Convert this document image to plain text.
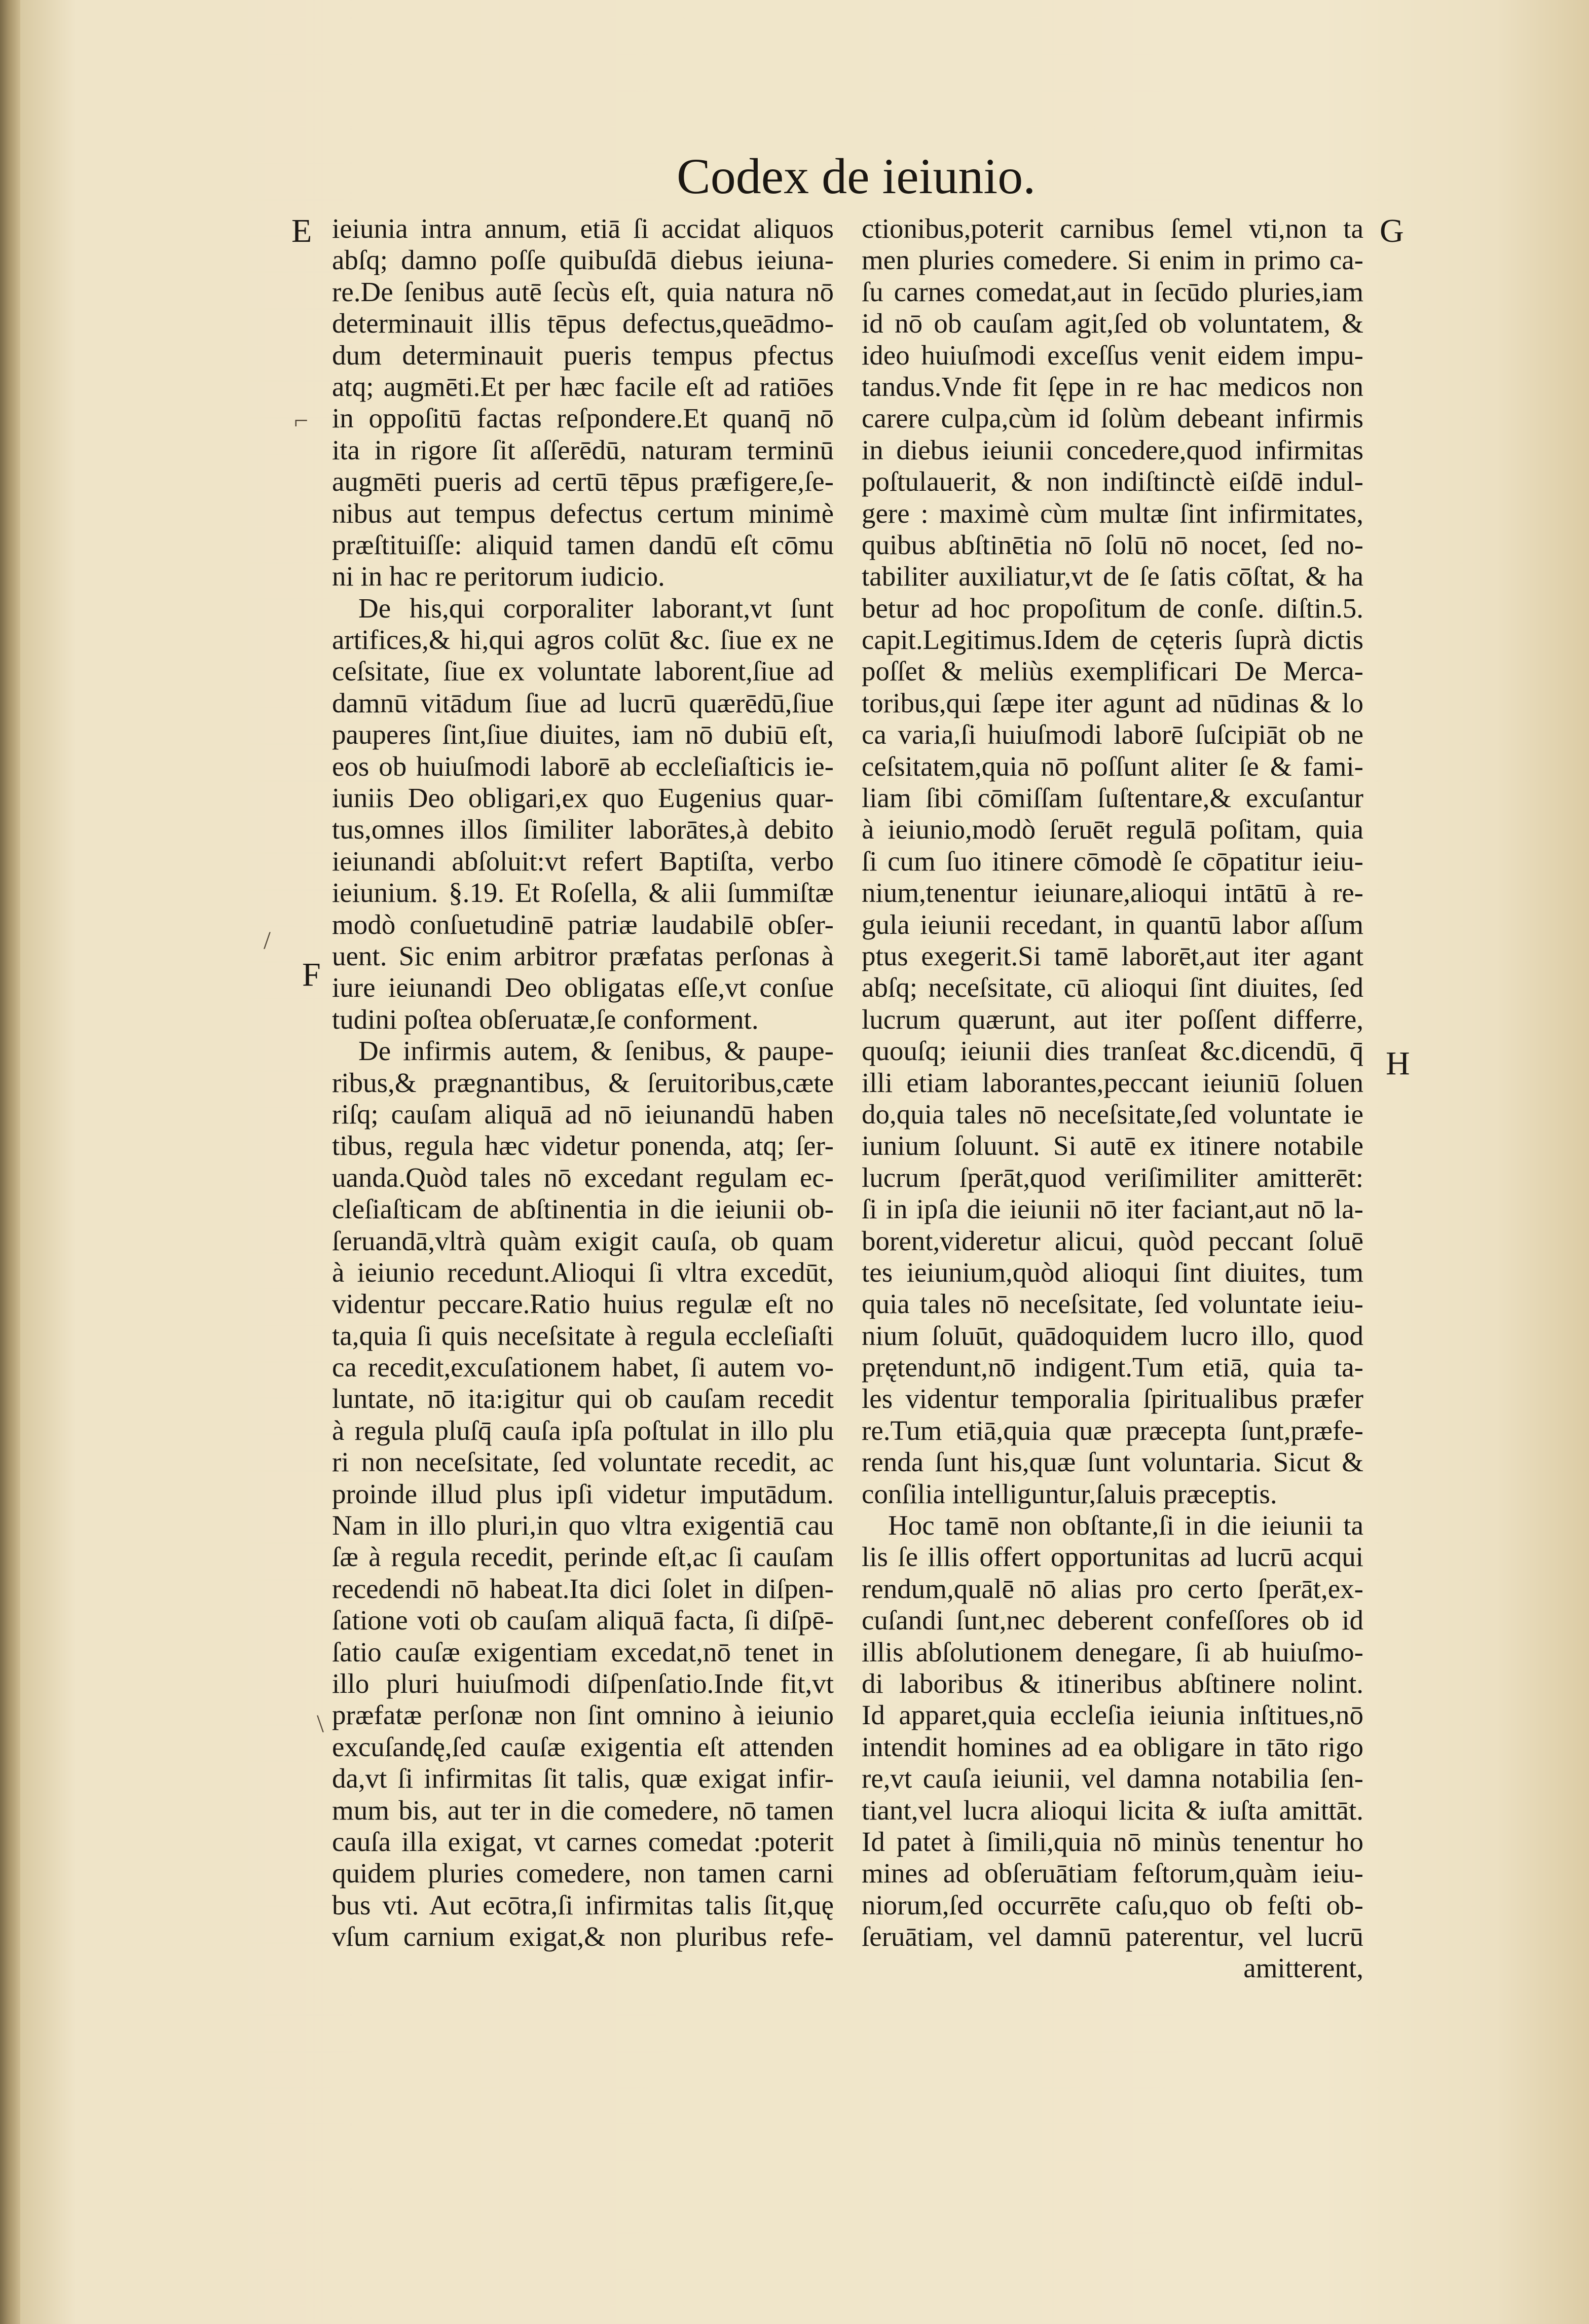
Codex de ieiunio.
E
F
G
H
⌐
/
\
ieiunia intra annum, etiā ſi accidat aliquos
abſq; damno poſſe quibuſdā diebus ieiuna-
re.De ſenibus autē ſecùs eſt, quia natura nō
determinauit illis tēpus defectus,queādmo-
dum determinauit pueris tempus pfectus
atq; augmēti.Et per hæc facile eſt ad ratiōes
in oppoſitū factas reſpondere.Et quanq̄ nō
ita in rigore ſit aſſerēdū, naturam terminū
augmēti pueris ad certū tēpus præfigere,ſe-
nibus aut tempus defectus certum minimè
præſtituiſſe: aliquid tamen dandū eſt cōmu
ni in hac re peritorum iudicio.
De his,qui corporaliter laborant,vt ſunt
artifices,& hi,qui agros colūt &c. ſiue ex ne
ceſsitate, ſiue ex voluntate laborent,ſiue ad
damnū vitādum ſiue ad lucrū quærēdū,ſiue
pauperes ſint,ſiue diuites, iam nō dubiū eſt,
eos ob huiuſmodi laborē ab eccleſiaſticis ie-
iuniis Deo obligari,ex quo Eugenius quar-
tus,omnes illos ſimiliter laborātes,à debito
ieiunandi abſoluit:vt refert Baptiſta, verbo
ieiunium. §.19. Et Roſella, & alii ſummiſtæ
modò conſuetudinē patriæ laudabilē obſer-
uent. Sic enim arbitror præfatas perſonas à
iure ieiunandi Deo obligatas eſſe,vt conſue
tudini poſtea obſeruatæ,ſe conforment.
De infirmis autem, & ſenibus, & paupe-
ribus,& prægnantibus, & ſeruitoribus,cæte
riſq; cauſam aliquā ad nō ieiunandū haben
tibus, regula hæc videtur ponenda, atq; ſer-
uanda.Quòd tales nō excedant regulam ec-
cleſiaſticam de abſtinentia in die ieiunii ob-
ſeruandā,vltrà quàm exigit cauſa, ob quam
à ieiunio recedunt.Alioqui ſi vltra excedūt,
videntur peccare.Ratio huius regulæ eſt no
ta,quia ſi quis neceſsitate à regula eccleſiaſti
ca recedit,excuſationem habet, ſi autem vo-
luntate, nō ita:igitur qui ob cauſam recedit
à regula pluſq̄ cauſa ipſa poſtulat in illo plu
ri non neceſsitate, ſed voluntate recedit, ac
proinde illud plus ipſi videtur imputādum.
Nam in illo pluri,in quo vltra exigentiā cau
ſæ à regula recedit, perinde eſt,ac ſi cauſam
recedendi nō habeat.Ita dici ſolet in diſpen-
ſatione voti ob cauſam aliquā facta, ſi diſpē-
ſatio cauſæ exigentiam excedat,nō tenet in
illo pluri huiuſmodi diſpenſatio.Inde fit,vt
præfatæ perſonæ non ſint omnino à ieiunio
excuſandę,ſed cauſæ exigentia eſt attenden
da,vt ſi infirmitas ſit talis, quæ exigat infir-
mum bis, aut ter in die comedere, nō tamen
cauſa illa exigat, vt carnes comedat :poterit
quidem pluries comedere, non tamen carni
bus vti. Aut ecōtra,ſi infirmitas talis ſit,quę
vſum carnium exigat,& non pluribus refe-
ctionibus,poterit carnibus ſemel vti,non ta
men pluries comedere. Si enim in primo ca-
ſu carnes comedat,aut in ſecūdo pluries,iam
id nō ob cauſam agit,ſed ob voluntatem, &
ideo huiuſmodi exceſſus venit eidem impu-
tandus.Vnde fit ſępe in re hac medicos non
carere culpa,cùm id ſolùm debeant infirmis
in diebus ieiunii concedere,quod infirmitas
poſtulauerit, & non indiſtinctè eiſdē indul-
gere : maximè cùm multæ ſint infirmitates,
quibus abſtinētia nō ſolū nō nocet, ſed no-
tabiliter auxiliatur,vt de ſe ſatis cōſtat, & ha
betur ad hoc propoſitum de conſe. diſtin.5.
capit.Legitimus.Idem de cęteris ſuprà dictis
poſſet & meliùs exemplificari De Merca-
toribus,qui ſæpe iter agunt ad nūdinas & lo
ca varia,ſi huiuſmodi laborē ſuſcipiāt ob ne
ceſsitatem,quia nō poſſunt aliter ſe & fami-
liam ſibi cōmiſſam ſuſtentare,& excuſantur
à ieiunio,modò ſeruēt regulā poſitam, quia
ſi cum ſuo itinere cōmodè ſe cōpatitur ieiu-
nium,tenentur ieiunare,alioqui intātū à re-
gula ieiunii recedant, in quantū labor aſſum
ptus exegerit.Si tamē laborēt,aut iter agant
abſq; neceſsitate, cū alioqui ſint diuites, ſed
lucrum quærunt, aut iter poſſent differre,
quouſq; ieiunii dies tranſeat &c.dicendū, q̄
illi etiam laborantes,peccant ieiuniū ſoluen
do,quia tales nō neceſsitate,ſed voluntate ie
iunium ſoluunt. Si autē ex itinere notabile
lucrum ſperāt,quod veriſimiliter amitterēt:
ſi in ipſa die ieiunii nō iter faciant,aut nō la-
borent,videretur alicui, quòd peccant ſoluē
tes ieiunium,quòd alioqui ſint diuites, tum
quia tales nō neceſsitate, ſed voluntate ieiu-
nium ſoluūt, quādoquidem lucro illo, quod
prętendunt,nō indigent.Tum etiā, quia ta-
les videntur temporalia ſpiritualibus præfer
re.Tum etiā,quia quæ præcepta ſunt,præfe-
renda ſunt his,quæ ſunt voluntaria. Sicut &
conſilia intelliguntur,ſaluis præceptis.
Hoc tamē non obſtante,ſi in die ieiunii ta
lis ſe illis offert opportunitas ad lucrū acqui
rendum,qualē nō alias pro certo ſperāt,ex-
cuſandi ſunt,nec deberent confeſſores ob id
illis abſolutionem denegare, ſi ab huiuſmo-
di laboribus & itineribus abſtinere nolint.
Id apparet,quia eccleſia ieiunia inſtitues,nō
intendit homines ad ea obligare in tāto rigo
re,vt cauſa ieiunii, vel damna notabilia ſen-
tiant,vel lucra alioqui licita & iuſta amittāt.
Id patet à ſimili,quia nō minùs tenentur ho
mines ad obſeruātiam feſtorum,quàm ieiu-
niorum,ſed occurrēte caſu,quo ob feſti ob-
ſeruātiam, vel damnū paterentur, vel lucrū
amitterent,
